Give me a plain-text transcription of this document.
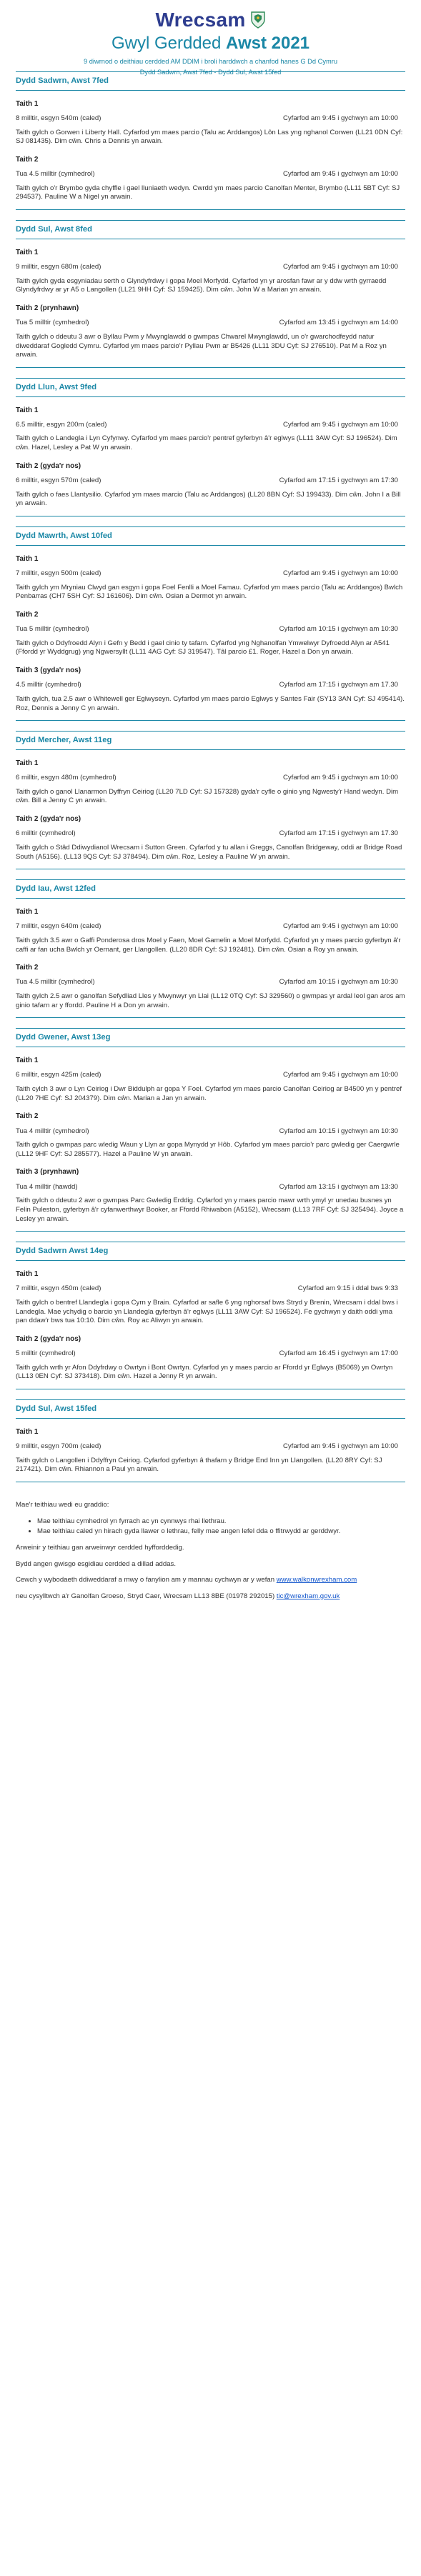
Wrecsam
Gwyl Gerdded Awst 2021
9 diwrnod o deithiau cerdded AM DDIM i broli harddwch a chanfod hanes G Dd Cymru
Dydd Sadwrn, Awst 7fed - Dydd Sul, Awst 15fed
Dydd Sadwrn, Awst 7fed
Taith 1
8 milltir, esgyn 540m (caled)	Cyfarfod am 9:45 i gychwyn am 10:00
Taith gylch o Gorwen i Liberty Hall. Cyfarfod ym maes parcio (Talu ac Arddangos) Lôn Las yng nghanol Corwen (LL21 0DN Cyf: SJ 081435). Dim cŵn. Chris a Dennis yn arwain.
Taith 2
Tua 4.5 milltir (cymhedrol)	Cyfarfod am 9:45 i gychwyn am 10:00
Taith gylch o'r Brymbo gyda chyffle i gael lluniaeth wedyn. Cwrdd ym maes parcio Canolfan Menter, Brymbo (LL11 5BT Cyf: SJ 294537). Pauline W a Nigel yn arwain.
Dydd Sul, Awst 8fed
Taith 1
9 milltir, esgyn 680m (caled)	Cyfarfod am 9:45 i gychwyn am 10:00
Taith gylch gyda esgyniadau serth o Glyndyfrdwy i gopa Moel Morfydd. Cyfarfod yn yr arosfan fawr ar y ddw wrth gyrraedd Glyndyfrdwy ar yr A5 o Langollen (LL21 9HH Cyf: SJ 159425). Dim cŵn. John W a Marian yn arwain.
Taith 2 (prynhawn)
Tua 5 milltir (cymhedrol)	Cyfarfod am 13:45 i gychwyn am 14:00
Taith gylch o ddeutu 3 awr o Byllau Pwm y Mwynglawdd o gwmpas Chwarel Mwynglawdd, un o'r gwarchodfeydd natur diweddaraf Gogledd Cymru. Cyfarfod ym maes parcio'r Pyllau Pwm ar B5426 (LL11 3DU Cyf: SJ 276510). Pat M a Roz yn arwain.
Dydd Llun, Awst 9fed
Taith 1
6.5 milltir, esgyn 200m (caled)	Cyfarfod am 9:45 i gychwyn am 10:00
Taith gylch o Landegla i Lyn Cyfynwy. Cyfarfod ym maes parcio'r pentref gyferbyn â'r eglwys (LL11 3AW Cyf: SJ 196524). Dim cŵn. Hazel, Lesley a Pat W yn arwain.
Taith 2 (gyda'r nos)
6 milltir, esgyn 570m (caled)	Cyfarfod am 17:15 i gychwyn am 17:30
Taith gylch o faes Llantysilio. Cyfarfod ym maes marcio (Talu ac Arddangos) (LL20 8BN Cyf: SJ 199433). Dim cŵn. John I a Bill yn arwain.
Dydd Mawrth, Awst 10fed
Taith 1
7 milltir, esgyn 500m (caled)	Cyfarfod am 9:45 i gychwyn am 10:00
Taith gylch ym Mryniau Clwyd gan esgyn i gopa Foel Fenlli a Moel Famau. Cyfarfod ym maes parcio (Talu ac Arddangos) Bwlch Penbarras (CH7 5SH Cyf: SJ 161606). Dim cŵn. Osian a Dermot yn arwain.
Taith 2
Tua 5 milltir (cymhedrol)	Cyfarfod am 10:15 i gychwyn am 10:30
Taith gylch o Ddyfroedd Alyn i Gefn y Bedd i gael cinio ty tafarn. Cyfarfod yng Nghanolfan Ymwelwyr Dyfroedd Alyn ar A541 (Ffordd yr Wyddgrug) yng Ngwersyllt (LL11 4AG Cyf: SJ 319547). Tâl parcio £1. Roger, Hazel a Don yn arwain.
Taith 3 (gyda'r nos)
4.5 milltir (cymhedrol)	Cyfarfod am 17:15 i gychwyn am 17.30
Taith gylch, tua 2.5 awr o Whitewell ger Eglwyseyn. Cyfarfod ym maes parcio Eglwys y Santes Fair (SY13 3AN Cyf: SJ 495414). Roz, Dennis a Jenny C yn arwain.
Dydd Mercher, Awst 11eg
Taith 1
6 milltir, esgyn 480m (cymhedrol)	Cyfarfod am 9:45 i gychwyn am 10:00
Taith gylch o ganol Llanarmon Dyffryn Ceiriog (LL20 7LD Cyf: SJ 157328) gyda'r cyfle o ginio yng Ngwesty'r Hand wedyn. Dim cŵn. Bill a Jenny C yn arwain.
Taith 2 (gyda'r nos)
6 milltir (cymhedrol)	Cyfarfod am 17:15 i gychwyn am 17.30
Taith gylch o Stâd Ddiwydianol Wrecsam i Sutton Green. Cyfarfod y tu allan i Greggs, Canolfan Bridgeway, oddi ar Bridge Road South (A5156). (LL13 9QS Cyf: SJ 378494). Dim cŵn. Roz, Lesley a Pauline W yn arwain.
Dydd Iau, Awst 12fed
Taith 1
7 milltir, esgyn 640m (caled)	Cyfarfod am 9:45 i gychwyn am 10:00
Taith gylch 3.5 awr o Gaffi Ponderosa dros Moel y Faen, Moel Gamelin a Moel Morfydd. Cyfarfod yn y maes parcio gyferbyn â'r caffi ar fan ucha Bwlch yr Oernant, ger Llangollen. (LL20 8DR Cyf: SJ 192481). Dim cŵn. Osian a Roy yn arwain.
Taith 2
Tua 4.5 milltir (cymhedrol)	Cyfarfod am 10:15 i gychwyn am 10:30
Taith gylch 2.5 awr o ganolfan Sefydliad Lles y Mwynwyr yn Llai (LL12 0TQ Cyf: SJ 329560) o gwmpas yr ardal leol gan aros am ginio tafarn ar y ffordd. Pauline H a Don yn arwain.
Dydd Gwener, Awst 13eg
Taith 1
6 milltir, esgyn 425m (caled)	Cyfarfod am 9:45 i gychwyn am 10:00
Taith cylch 3 awr o Lyn Ceiriog i Dwr Biddulph ar gopa Y Foel. Cyfarfod ym maes parcio Canolfan Ceiriog ar B4500 yn y pentref (LL20 7HE Cyf: SJ 204379). Dim cŵn. Marian a Jan yn arwain.
Taith 2
Tua 4 milltir (cymhedrol)	Cyfarfod am 10:15 i gychwyn am 10:30
Taith gylch o gwmpas parc wledig Waun y Llyn ar gopa Mynydd yr Hôb. Cyfarfod ym maes parcio'r parc gwledig ger Caergwrle (LL12 9HF Cyf: SJ 285577). Hazel a Pauline W yn arwain.
Taith 3 (prynhawn)
Tua 4 milltir (hawdd)	Cyfarfod am 13:15 i gychwyn am 13:30
Taith gylch o ddeutu 2 awr o gwmpas Parc Gwledig Erddig. Cyfarfod yn y maes parcio mawr wrth ymyl yr unedau busnes yn Felin Puleston, gyferbyn â'r cyfanwerthwyr Booker, ar Ffordd Rhiwabon (A5152), Wrecsam (LL13 7RF Cyf: SJ 325494). Joyce a Lesley yn arwain.
Dydd Sadwrn Awst 14eg
Taith 1
7 milltir, esgyn 450m (caled)	Cyfarfod am 9:15 i ddal bws 9:33
Taith gylch o bentref Llandegla i gopa Cyrn y Brain. Cyfarfod ar safle 6 yng nghorsaf bws Stryd y Brenin, Wrecsam i ddal bws i Landegla. Mae ychydig o barcio yn Llandegla gyferbyn â'r eglwys (LL11 3AW Cyf: SJ 196524). Fe gychwyn y daith oddi yma pan ddaw'r bws tua 10:10. Dim cŵn. Roy ac Aliwyn yn arwain.
Taith 2 (gyda'r nos)
5 milltir (cymhedrol)	Cyfarfod am 16:45 i gychwyn am 17:00
Taith gylch wrth yr Afon Ddyfrdwy o Owrtyn i Bont Owrtyn. Cyfarfod yn y maes parcio ar Ffordd yr Eglwys (B5069) yn Owrtyn (LL13 0EN Cyf: SJ 373418). Dim cŵn. Hazel a Jenny R yn arwain.
Dydd Sul, Awst 15fed
Taith 1
9 milltir, esgyn 700m (caled)	Cyfarfod am 9:45 i gychwyn am 10:00
Taith gylch o Langollen i Ddyffryn Ceiriog. Cyfarfod gyferbyn â thafarn y Bridge End Inn yn Llangollen. (LL20 8RY Cyf: SJ 217421). Dim cŵn. Rhiannon a Paul yn arwain.

Mae'r teithiau wedi eu graddio:

• Mae teithiau cymhedrol yn fyrrach ac yn cynnwys rhai llethrau.
• Mae teithiau caled yn hirach gyda llawer o lethrau, felly mae angen lefel dda o ffitrwydd ar gerddwyr.

Arweinir y teithiau gan arweinwyr cerdded hyfforddedig.

Bydd angen gwisgo esgidiau cerdded a dillad addas.

Cewch y wybodaeth ddiweddaraf a mwy o fanylion am y mannau cychwyn ar y wefan www.walkonwrexham.com

neu cysylltwch a'r Ganolfan Groeso, Stryd Caer, Wrecsam LL13 8BE (01978 292015) tic@wrexham.gov.uk
